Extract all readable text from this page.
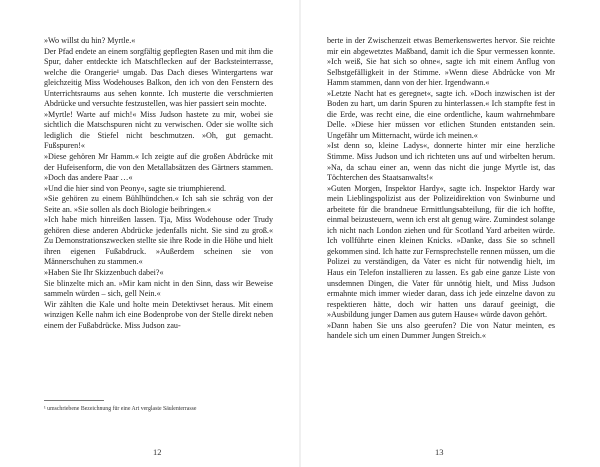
»Wo willst du hin? Myrtle.«

Der Pfad endete an einem sorgfältig gepflegten Rasen und mit ihm die Spur, daher entdeckte ich Matschflecken auf der Backsteinterrasse, welche die Orangerie¹ umgab. Das Dach dieses Wintergartens war gleichzeitig Miss Wodehouses Balkon, den ich von den Fenstern des Unterrichtsraums aus sehen konnte. Ich musterte die verschmierten Abdrücke und versuchte festzustellen, was hier passiert sein mochte.

»Myrtle! Warte auf mich!« Miss Judson hastete zu mir, wobei sie sichtlich die Matschspuren nicht zu verwischen. Oder sie wollte sich lediglich die Stiefel nicht beschmutzen. »Oh, gut gemacht. Fußspuren!«

»Diese gehören Mr Hamm.« Ich zeigte auf die großen Abdrücke mit der Hufeisenform, die von den Metallabsätzen des Gärtners stammen. »Doch das andere Paar …«

»Und die hier sind von Peony«, sagte sie triumphierend.

»Sie gehören zu einem Bühlhündchen.« Ich sah sie schräg von der Seite an. »Sie sollen als doch Biologie beibringen.«

»Ich habe mich hinreißen lassen. Tja, Miss Wodehouse oder Trudy gehören diese anderen Abdrücke jedenfalls nicht. Sie sind zu groß.« Zu Demonstrationszwecken stellte sie ihre Rode in die Höhe und hielt ihren eigenen Fußabdruck. »Außerdem scheinen sie von Männerschuhen zu stammen.«

»Haben Sie Ihr Skizzenbuch dabei?«

Sie blinzelte mich an. »Mir kam nicht in den Sinn, dass wir Beweise sammeln würden – sich, gell Nein.«

Wir zählten die Kale und holte mein Detektivset heraus. Mit einem winzigen Kelle nahm ich eine Bodenprobe von der Stelle direkt neben einem der Fußabdrücke. Miss Judson zau-

¹ umschriebene Bezeichnung für eine Art verglaste Säulenterrasse
12

berte in der Zwischenzeit etwas Bemerkenswertes hervor. Sie reichte mir ein abgewetztes Maßband, damit ich die Spur vermessen konnte. »Ich weiß, Sie hat sich so ohne«, sagte ich mit einem Anflug von Selbstgefälligkeit in der Stimme. »Wenn diese Abdrücke von Mr Hamm stammen, dann von der hier. Irgendwann.«

»Letzte Nacht hat es geregnet«, sagte ich. »Doch inzwischen ist der Boden zu hart, um darin Spuren zu hinterlassen.« Ich stampfte fest in die Erde, was recht eine, die eine ordentliche, kaum wahrnehmbare Delle. »Diese hier müssen vor etlichen Stunden entstanden sein. Ungefähr um Mitternacht, würde ich meinen.«

»Ist denn so, kleine Ladys«, donnerte hinter mir eine herzliche Stimme. Miss Judson und ich richteten uns auf und wirbelten herum. »Na, da schau einer an, wenn das nicht die junge Myrtle ist, das Töchterchen des Staatsanwalts!«

»Guten Morgen, Inspektor Hardy«, sagte ich. Inspektor Hardy war mein Lieblingspolizist aus der Polizeidirektion von Swinburne und arbeitete für die brandneue Ermittlungsabteilung, für die ich hoffte, einmal beizusteuern, wenn ich erst alt genug wäre. Zumindest solange ich nicht nach London ziehen und für Scotland Yard arbeiten würde. Ich vollführte einen kleinen Knicks. »Danke, dass Sie so schnell gekommen sind. Ich hatte zur Fernsprechstelle rennen müssen, um die Polizei zu verständigen, da Vater es nicht für notwendig hielt, im Haus ein Telefon installieren zu lassen. Es gab eine ganze Liste von unsdemnen Dingen, die Vater für unnötig hielt, und Miss Judson ermahnte mich immer wieder daran, dass ich jede einzelne davon zu respektieren hätte, doch wir hatten uns darauf geeinigt, die »Ausbildung junger Damen aus gutem Hause« würde davon gehört.

»Dann haben Sie uns also geerufen? Die von Natur meinten, es handele sich um einen Dummer Jungen Streich.«

13
